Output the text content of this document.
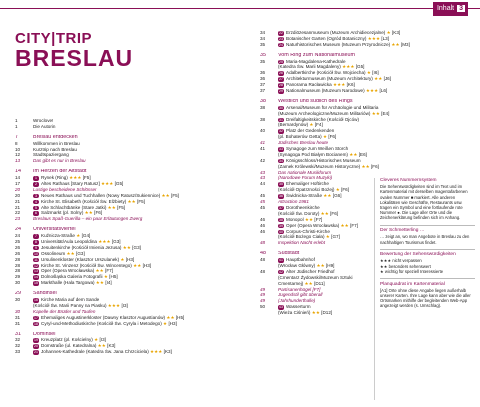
Inhalt 3
CITY|TRIP
BRESLAU
1	Wroclove!
1	Die Autorin
7	Breslau entdecken
8	Willkommen in Breslau
10	Kurztrip nach Breslau
12	Stadtspaziergang
13	Das gibt es nur in Breslau
14	Im Herzen der Altstadt
14	1 Rynek (Ring) ★★★ [F5]
17	2 Altes Rathaus [Stary Ratusz] ★★★ [G5]
20	Lustige bescheidene Schlösser
20	3 Neues Rathaus und Tuchhallen (Nowy Ratusz/Sukiennice) ★★ [F5]
21	4 Kirche St. Elisabeth (Kościół Św. Elżbiety) ★★ [F5]
21	5 Alte Schlachtbänke (Stare Jatki) ★★ [F5]
22	6 Salzmarkt (pl. Solny) ★★ [F6]
23	Breslaus Spaß-Guerilla – ein paar Erläutungen Zwerg
24	Universitätsviertel
24	7 Kuźnicza-Straße ★ [G4]
25	8 Universität/Aula Leopoldina ★★★ [G3]
26	9 Jesuitenkirche (Kościół Imienia Jezusa) ★★ [G3]
26	10 Ossolineum ★★ [G3]
28	11 Ursulinenkloster (Klasztor Urszulanek) ★ [H3]
28	12 Kirche St. Vinzenz (Kościół Św. Wincentego) ★★ [H3]
28	13 Oper (Opera Wrocławska) ★★ [F7]
29	14 Dolnośląska Galeria Fotografii ★ [H5]
30	15 Markthalle (Hala Targowa) ★★ [I4]
29	Sandinsel
30	16 Kirche Maria auf dem Sande
(Kościół Św. Marii Panny na Piasku) ★★★ [I3]
30	Kapelle der Brüder und Taufen
31	17 Ehemaliges Augustinerkloster (Dawny Klasztor Augustianów) ★★ [H5]
31	18 Cyryl-und-Methodiuskirche (Kościół Św. Cyryla i Metodego) ★ [H3]
31	Dominsel
32	19 Kreuzplatz (pl. Kościelny) ★ [I3]
32	20 Domstraße (ul. Katedralna) ★★ [K3]
33	21 Johannes-Kathedrale (Katedra Św. Jana Chrzciciela) ★★★ [K3]
34	22 Erzdiözesanmuseum (Muzeum Archidiecezjalne) ★ [K3]
34	23 Botanischer Garten (Ogród Botaniczny) ★★★ [L3]
35	24 Naturhistorisches Museum (Muzeum Przyrodnicze) ★★ [M3]
35	Vom Ring zum Nationalmuseum
35	25 Maria-Magdalena-Kathedrale
(Katedra Św. Marii Magdaleny) ★★★ [G5]
36	26 Adalbertkirche (Kościół Św. Wojciecha) ★ [I6]
36	27 Architekturmuseum (Muzeum Architektury) ★★ [J6]
37	28 Panorama Racławicka ★★★ [K6]
37	29 Nationalmuseum (Muzeum Narodowe) ★★★ [L6]
38	Westlich und südlich des Rings
38	30 Arsenal/Museum für Archäologie und Militaria
(Muzeum Archeologiczne/Muzeum Militariów) ★★ [E4]
38	31 Dreifaltigkeitskirche (Kościół Ojców)
(Bernardynów) ★ [F4]
40	32 Platz der Gedenkenden
(pl. Bohaterów Getta) ★ [F6]
41	Jüdisches Breslau heute
41	33 Synagoge zum Weißen Storch
(Synagoga Pod Białym Bocianem) ★★ [E6]
42	34 Königsschloss/Historisches Museum
(Zamek Królewski/Muzeum Historyczne) ★★ [F6]
43	Das nationale Musikforum
43	(Narodowe Forum Muzyki)
44	35 Ehemaliger Hoftirche
(Kościół Opatrzności Bożej) ★ [F6]
45	36 Świdnicka-Straße ★★ [G6]
45	Attraction 1981
45	37 Dorotheenkirche
(Kościół Św. Doroty) ★★ [F6]
46	38 Monopol ★★ [F7]
46	39 Oper (Opera Wrocławska) ★★ [F7]
46	40 Corpus-Christi-Kirche
(Kościół Bożego Ciała) ★ [G7]
48	Inspektion Nacht erlebt
48	Südstadt
48	41 Hauptbahnhof
(Wrocław Główny) ★★ [H9]
48	42 Alter Jüdischer Friedhof
(Cmentarz Żydowski/Muzeum Sztuki
Cmentarnej) ★★ [D11]
49	Partisanenhügel [F7]
49	Jugendstil gibt überall
49	(Jahrhunderthalle)
50	43 Wasserturm
(Wieża Ciśnień) ★★ [D12]
Cleveres Nummernsystem
Die Sehenswürdigkeiten sind im Text und im Kartenmaterial mit derselben magentafarbenen ovalen Nummer ■ markiert. Alle anderen Lokalitäten wie Geschäfte, Restaurants usw. tragen ein Symbol und eine fortlaufende rote Nummer ●. Die Lage aller Orte und die Zeichenerklärung befinden sich im Anhang.
Der Schmetterling …
… zeigt an, wo man Angebote in Breslau zu den nachhaltigen Tourismus findet.
Bewertung der Sehenswürdigkeiten
★★★ nicht verpassen
★★ besonders sehenswert
★ wichtig für speziell Interessierte
Planquadrat im Kartenmaterial
[A1] Orte ohne diese Angabe liegen außerhalb unserer Karten. Ihre Lage kann aber wie die aller Ortsmarken mithilfe der begleitenden Web-App angezeigt werden (s. Umschlag).
